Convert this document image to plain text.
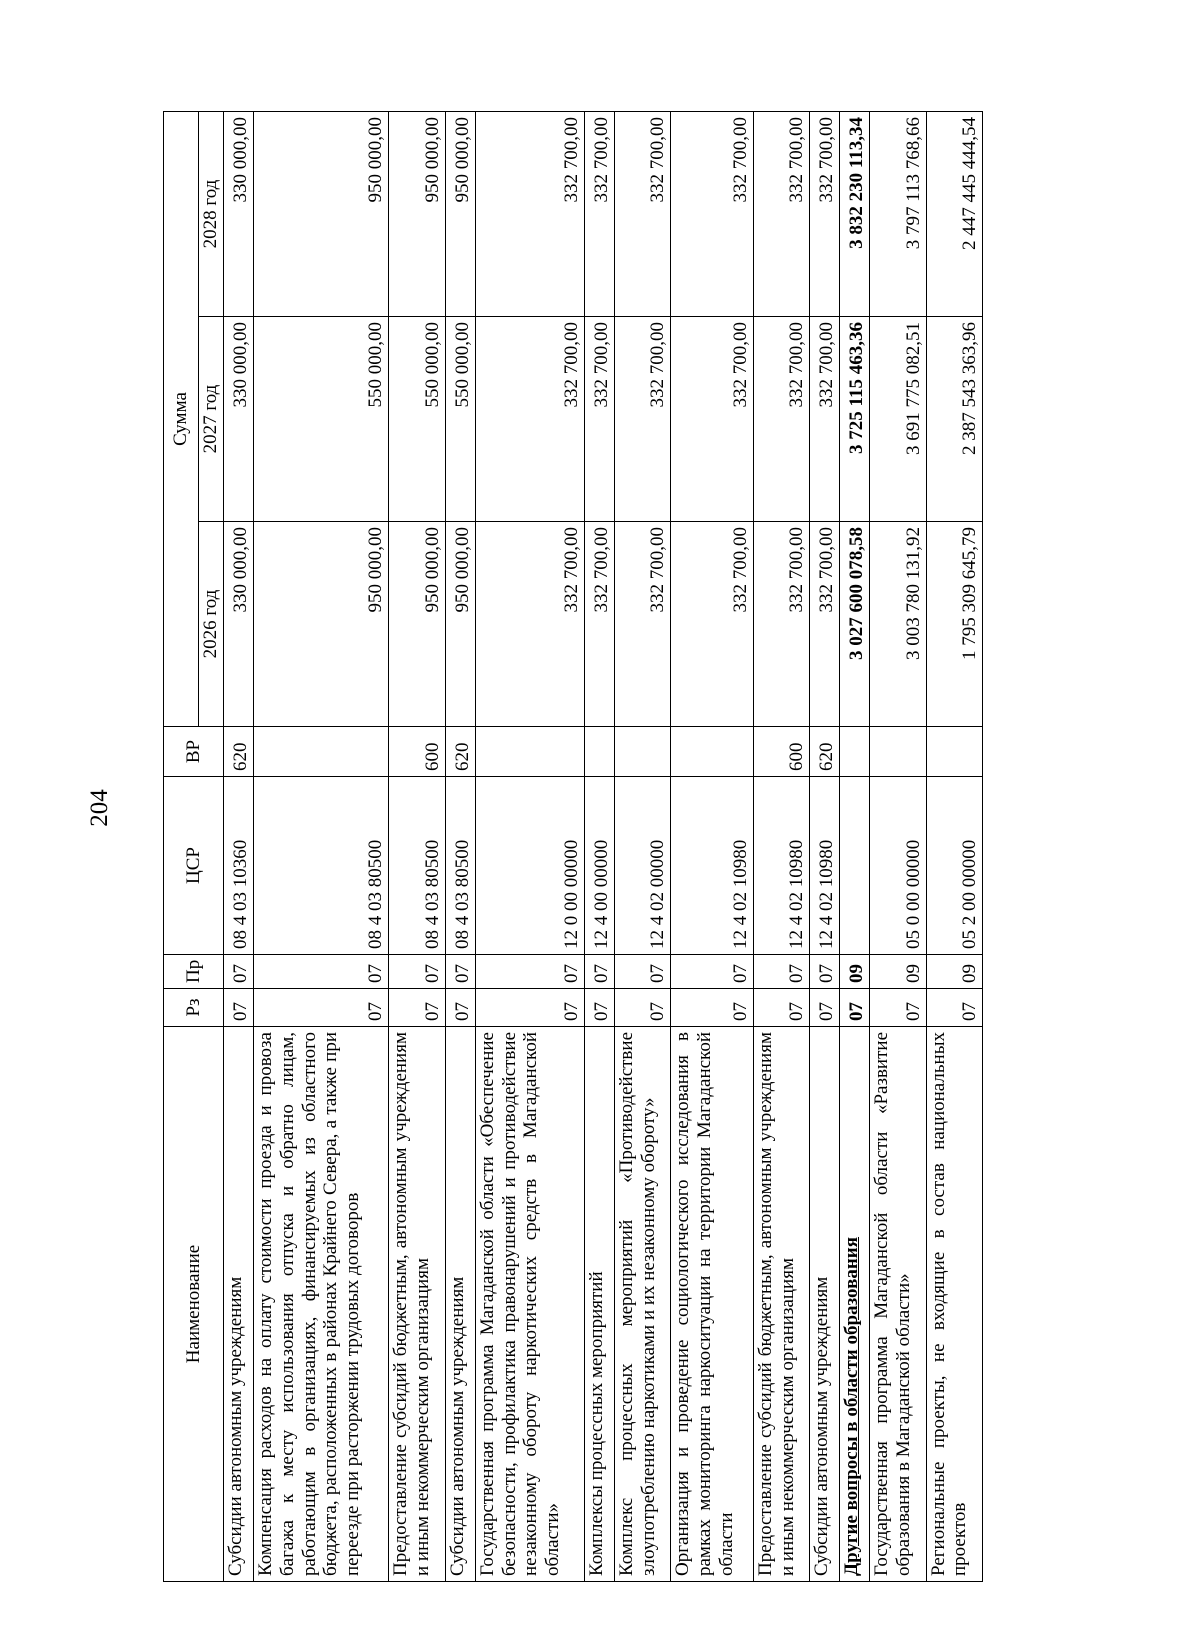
204
Наименование	Рз	Пр	ЦСР	ВР	Сумма		
					2026 год	2027 год	2028 год
Субсидии автономным учреждениям	07	07	08 4 03 10360	620	330 000,00	330 000,00	330 000,00
Компенсация расходов на оплату стоимости проезда и провоза багажа к месту использования отпуска и обратно лицам, работающим в организациях, финансируемых из областного бюджета, расположенных в районах Крайнего Севера, а также при переезде при расторжении трудовых договоров	07	07	08 4 03 80500		950 000,00	550 000,00	950 000,00
Предоставление субсидий бюджетным, автономным учреждениям и иным некоммерческим организациям	07	07	08 4 03 80500	600	950 000,00	550 000,00	950 000,00
Субсидии автономным учреждениям	07	07	08 4 03 80500	620	950 000,00	550 000,00	950 000,00
Государственная программа Магаданской области «Обеспечение безопасности, профилактика правонарушений и противодействие незаконному обороту наркотических средств в Магаданской области»	07	07	12 0 00 00000		332 700,00	332 700,00	332 700,00
Комплексы процессных мероприятий	07	07	12 4 00 00000		332 700,00	332 700,00	332 700,00
Комплекс процессных мероприятий «Противодействие злоупотреблению наркотиками и их незаконному обороту»	07	07	12 4 02 00000		332 700,00	332 700,00	332 700,00
Организация и проведение социологического исследования в рамках мониторинга наркоситуации на территории Магаданской области	07	07	12 4 02 10980		332 700,00	332 700,00	332 700,00
Предоставление субсидий бюджетным, автономным учреждениям и иным некоммерческим организациям	07	07	12 4 02 10980	600	332 700,00	332 700,00	332 700,00
Субсидии автономным учреждениям	07	07	12 4 02 10980	620	332 700,00	332 700,00	332 700,00
Другие вопросы в области образования	07	09			3 027 600 078,58	3 725 115 463,36	3 832 230 113,34
Государственная программа Магаданской области «Развитие образования в Магаданской области»	07	09	05 0 00 00000		3 003 780 131,92	3 691 775 082,51	3 797 113 768,66
Региональные проекты, не входящие в состав национальных проектов	07	09	05 2 00 00000		1 795 309 645,79	2 387 543 363,96	2 447 445 444,54
